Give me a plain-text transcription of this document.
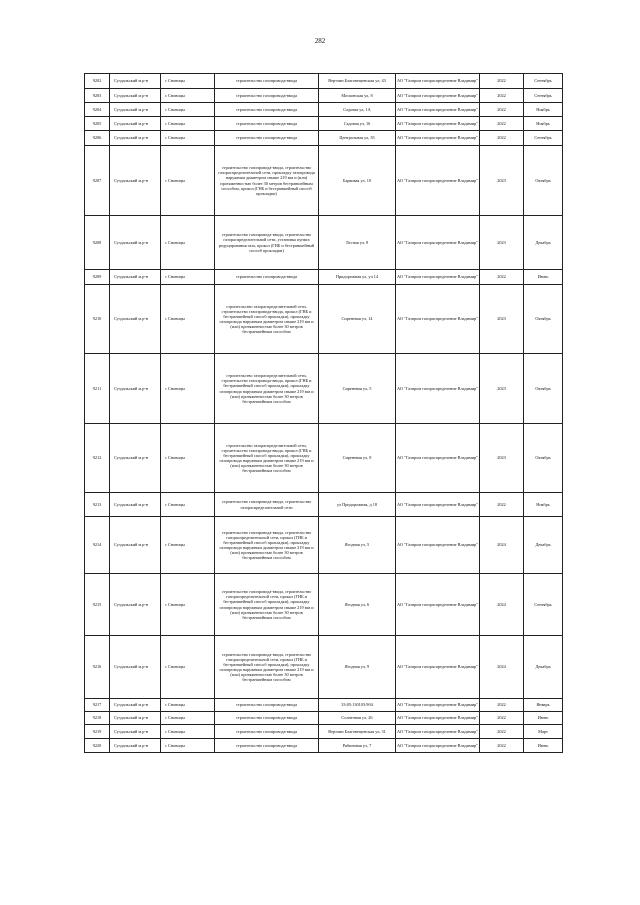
282
9202	Суздальский м.р-н	с Сновицы	строительство газопровода-ввода	Вертлин Благовещенская ул, 43	АО "Газпром газораспределение Владимир"	2022	Сентябрь
9203	Суздальский м.р-н	с Сновицы	строительство газопровода-ввода	Московская ул, 8	АО "Газпром газораспределение Владимир"	2022	Сентябрь
9204	Суздальский м.р-н	с Сновицы	строительство газопровода-ввода	Садовая ул, 1А	АО "Газпром газораспределение Владимир"	2022	Ноябрь
9205	Суздальский м.р-н	с Сновицы	строительство газопровода-ввода	Садовая ул, 16	АО "Газпром газораспределение Владимир"	2022	Ноябрь
9206	Суздальский м.р-н	с Сновицы	строительство газопровода-ввода	Центральная ул, 35	АО "Газпром газораспределение Владимир"	2022	Сентябрь
9207	Суздальский м.р-н	с Сновицы	строительство газопровода-ввода, строительство газораспределительной сети, прокладку газопровода наружным диаметром свыше 219 мм и (или) протяженностью более 30 метров бестраншейным способом, прокол (ГНБ и бестраншейный способ прокладки)	Барковая ул, 10	АО "Газпром газораспределение Владимир"	2023	Октябрь
9208	Суздальский м.р-н	с Сновицы	строительство газопровода-ввода, строительство газораспределительной сети, установка пункта редуцирования газа, прокол (ГНБ и бестраншейный способ прокладки)	Лесная ул, 8	АО "Газпром газораспределение Владимир"	2023	Декабрь
9209	Суздальский м.р-н	с Сновицы	строительство газопровода-ввода	Придорожная ул, уч 14	АО "Газпром газораспределение Владимир"	2022	Июнь
9210	Суздальский м.р-н	с Сновицы	строительство газораспределительной сети, строительство газопровода-ввода, прокол (ГНБ и бестраншейный способ прокладки), прокладку газопровода наружным диаметром свыше 219 мм и (или) протяженностью более 30 метров бестраншейным способом	Сиреневая ул, 14	АО "Газпром газораспределение Владимир"	2023	Октябрь
9211	Суздальский м.р-н	с Сновицы	строительство газораспределительной сети, строительство газопровода-ввода, прокол (ГНБ и бестраншейный способ прокладки), прокладку газопровода наружным диаметром свыше 219 мм и (или) протяженностью более 30 метров бестраншейным способом	Сиреневая ул, 5	АО "Газпром газораспределение Владимир"	2023	Октябрь
9212	Суздальский м.р-н	с Сновицы	строительство газораспределительной сети, строительство газопровода-ввода, прокол (ГНБ и бестраншейный способ прокладки), прокладку газопровода наружным диаметром свыше 219 мм и (или) протяженностью более 30 метров бестраншейным способом	Сиреневая ул, 8	АО "Газпром газораспределение Владимир"	2023	Октябрь
9213	Суздальский м.р-н	с Сновицы	строительство газопровода-ввода, строительство газораспределительной сети	ул Придорожная, д 18	АО "Газпром газораспределение Владимир"	2022	Ноябрь
9214	Суздальский м.р-н	с Сновицы	строительство газопровода-ввода, строительство газораспределительной сети, прокол (ГНБ и бестраншейный способ прокладки), прокладку газопровода наружным диаметром свыше 219 мм и (или) протяженностью более 30 метров бестраншейным способом	Ягодная ул, 5	АО "Газпром газораспределение Владимир"	2024	Декабрь
9215	Суздальский м.р-н	с Сновицы	строительство газопровода-ввода, строительство газораспределительной сети, прокол (ГНБ и бестраншейный способ прокладки), прокладку газопровода наружным диаметром свыше 219 мм и (или) протяженностью более 30 метров бестраншейным способом	Ягодная ул, 6	АО "Газпром газораспределение Владимир"	2024	Сентябрь
9216	Суздальский м.р-н	с Сновицы	строительство газопровода-ввода, строительство газораспределительной сети, прокол (ГНБ и бестраншейный способ прокладки), прокладку газопровода наружным диаметром свыше 219 мм и (или) протяженностью более 30 метров бестраншейным способом	Ягодная ул, 9	АО "Газпром газораспределение Владимир"	2024	Декабрь
9217	Суздальский м.р-н	с Сновицы	строительство газопровода-ввода	33:05:130103:904	АО "Газпром газораспределение Владимир"	2022	Январь
9218	Суздальский м.р-н	с Сновицы	строительство газопровода-ввода	Солнечная ул, 26	АО "Газпром газораспределение Владимир"	2022	Июнь
9219	Суздальский м.р-н	с Сновицы	строительство газопровода-ввода	Вертлин Благовещенская ул, 31	АО "Газпром газораспределение Владимир"	2022	Март
9220	Суздальский м.р-н	с Сновицы	строительство газопровода-ввода	Рябиновая ул, 7	АО "Газпром газораспределение Владимир"	2022	Июнь
